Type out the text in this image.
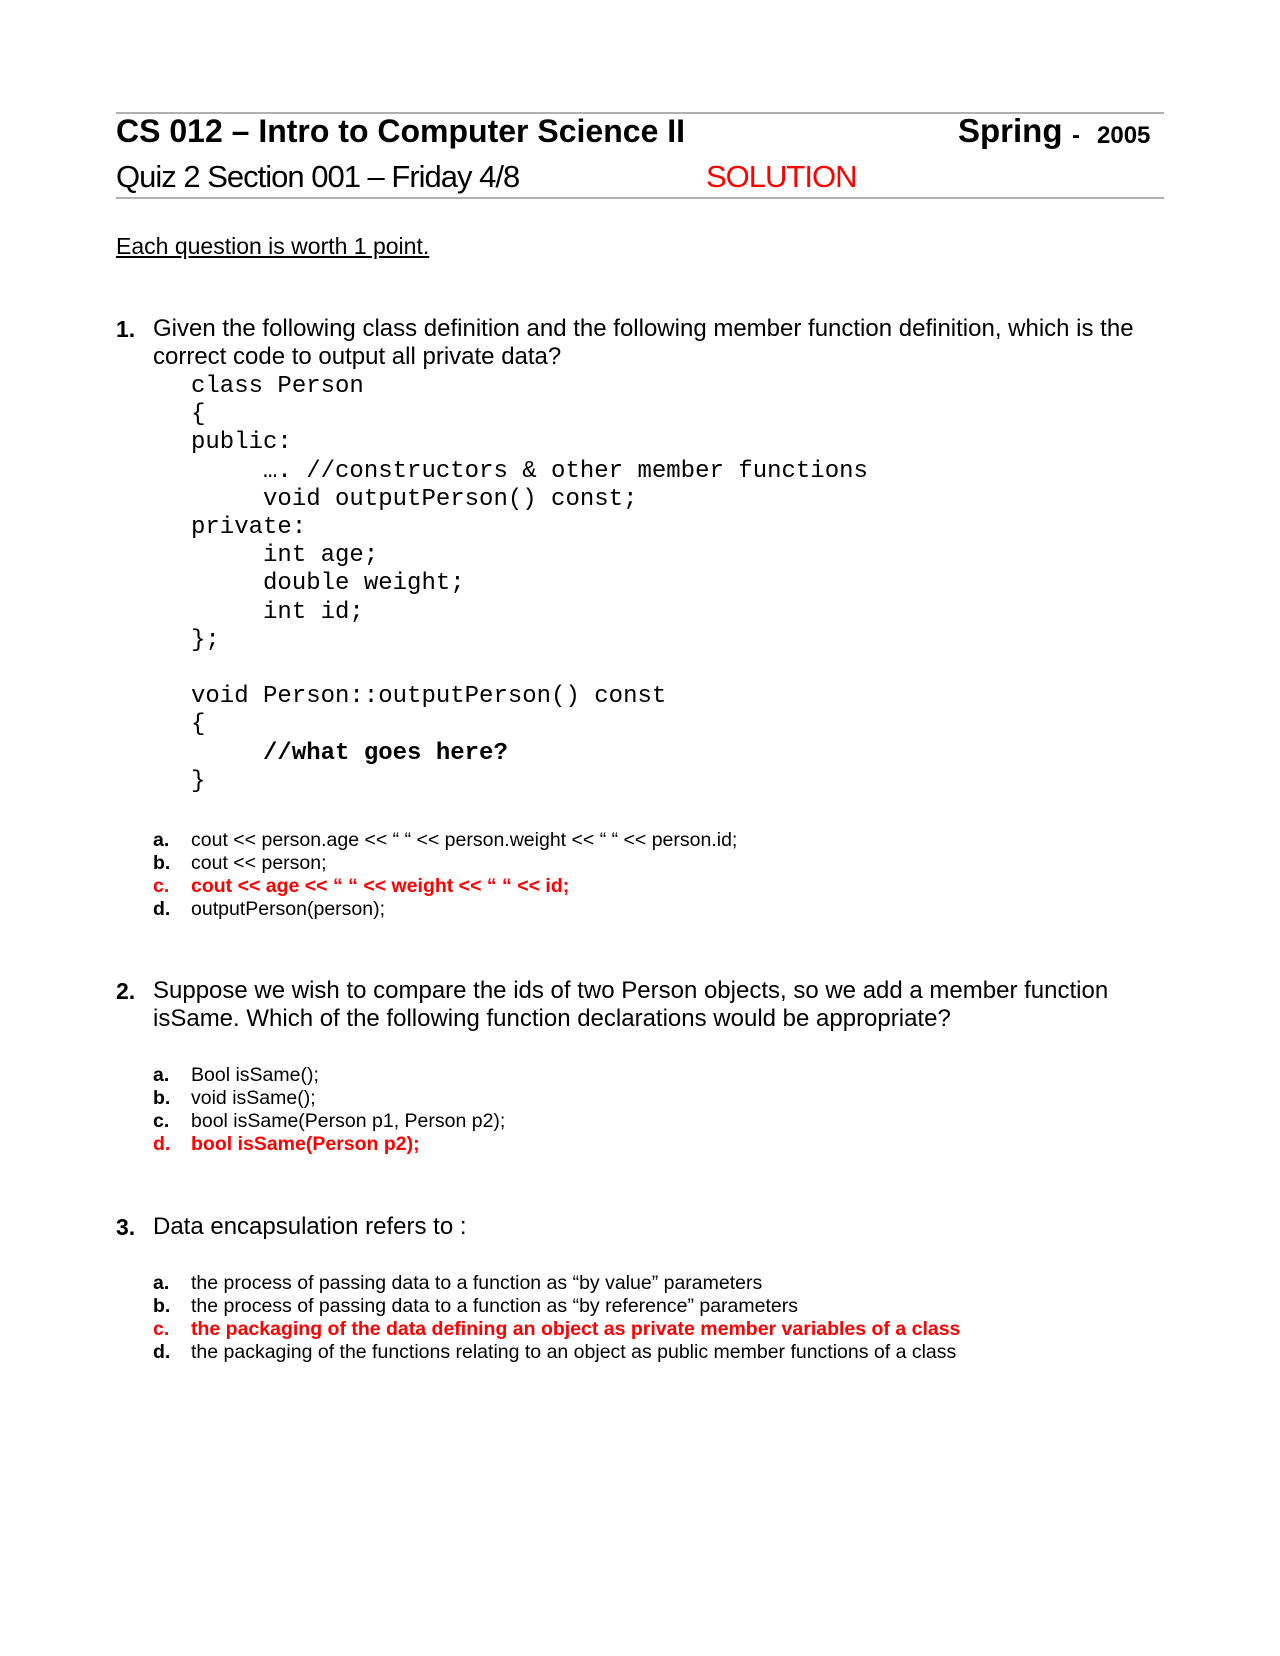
CS 012 – Intro to Computer Science II	Spring - 2005
Quiz 2 Section 001 – Friday 4/8	SOLUTION
Each question is worth 1 point.
1. Given the following class definition and the following member function definition, which is the correct code to output all private data?
class Person
{
public:
…. //constructors & other member functions
void outputPerson() const;
private:
int age;
double weight;
int id;
};

void Person::outputPerson() const
{
//what goes here?
}
a.	cout << person.age << “ “ << person.weight << “ “ << person.id;
b.	cout << person;
c.	cout << age << “ “ << weight << “ “ << id;
d.	outputPerson(person);
2. Suppose we wish to compare the ids of two Person objects, so we add a member function isSame. Which of the following function declarations would be appropriate?
a.	Bool isSame();
b.	void isSame();
c.	bool isSame(Person p1, Person p2);
d.	bool isSame(Person p2);
3. Data encapsulation refers to :
a.	the process of passing data to a function as “by value” parameters
b.	the process of passing data to a function as “by reference” parameters
c.	the packaging of the data defining an object as private member variables of a class
d.	the packaging of the functions relating to an object as public member functions of a class
